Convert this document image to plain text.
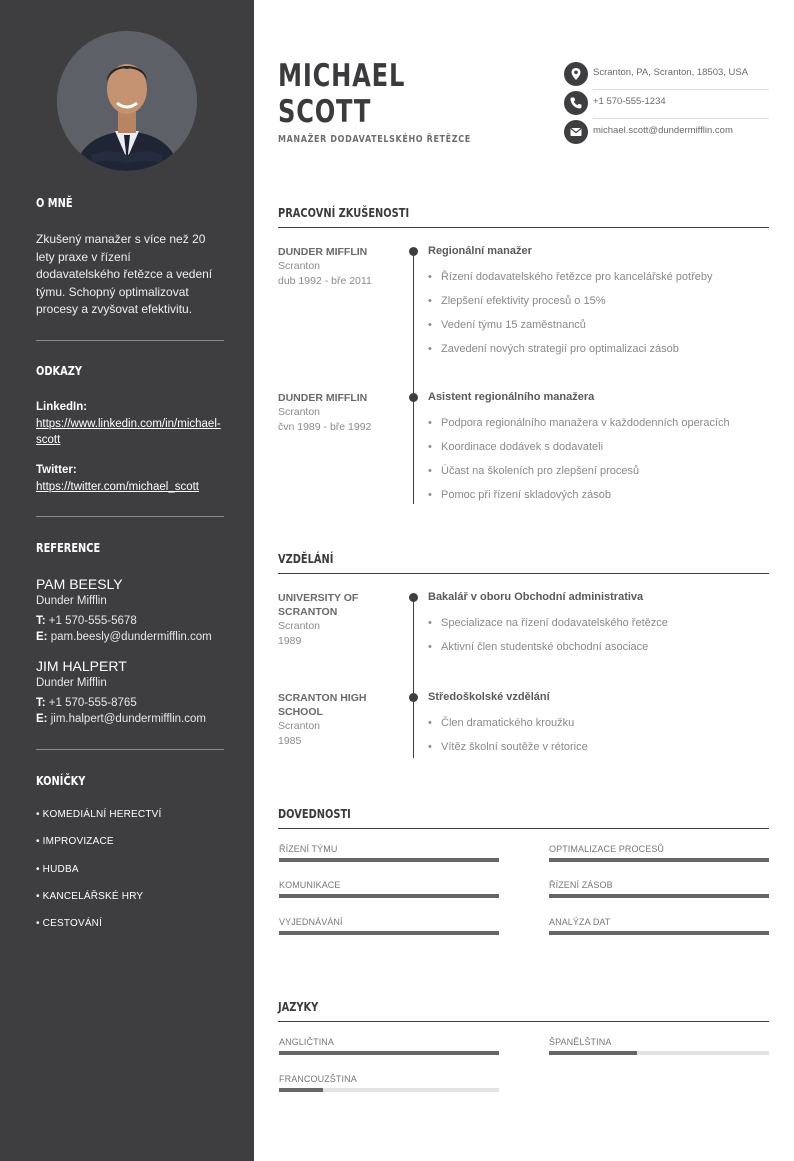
O MNĚ
Zkušený manažer s více než 20 lety praxe v řízení dodavatelského řetězce a vedení týmu. Schopný optimalizovat procesy a zvyšovat efektivitu.
ODKAZY
LinkedIn:
https://www.linkedin.com/in/michael-scott
Twitter:
https://twitter.com/michael_scott
REFERENCE
PAM BEESLY
Dunder Mifflin
T: +1 570-555-5678
E: pam.beesly@dundermifflin.com
JIM HALPERT
Dunder Mifflin
T: +1 570-555-8765
E: jim.halpert@dundermifflin.com
KONÍČKY
• KOMEDIÁLNÍ HERECTVÍ
• IMPROVIZACE
• HUDBA
• KANCELÁŘSKÉ HRY
• CESTOVÁNÍ
MICHAEL
SCOTT
MANAŽER DODAVATELSKÉHO ŘETĚZCE
Scranton, PA, Scranton, 18503, USA
+1 570-555-1234
michael.scott@dundermifflin.com
PRACOVNÍ ZKUŠENOSTI
DUNDER MIFFLIN
Scranton
dub 1992 - bře 2011
Regionální manažer
• Řízení dodavatelského řetězce pro kancelářské potřeby
• Zlepšení efektivity procesů o 15%
• Vedení týmu 15 zaměstnanců
• Zavedení nových strategií pro optimalizaci zásob
DUNDER MIFFLIN
Scranton
čvn 1989 - bře 1992
Asistent regionálního manažera
• Podpora regionálního manažera v každodenních operacích
• Koordinace dodávek s dodavateli
• Účast na školeních pro zlepšení procesů
• Pomoc při řízení skladových zásob
VZDĚLÁNÍ
UNIVERSITY OF SCRANTON
Scranton
1989
Bakalář v oboru Obchodní administrativa
• Specializace na řízení dodavatelského řetězce
• Aktivní člen studentské obchodní asociace
SCRANTON HIGH SCHOOL
Scranton
1985
Středoškolské vzdělání
• Člen dramatického kroužku
• Vítěz školní soutěže v rétorice
DOVEDNOSTI
ŘÍZENÍ TÝMU	OPTIMALIZACE PROCESŮ
KOMUNIKACE	ŘÍZENÍ ZÁSOB
VYJEDNÁVÁNÍ	ANALÝZA DAT
JAZYKY
ANGLIČTINA	ŠPANĚLŠTINA
FRANCOUZŠTINA
